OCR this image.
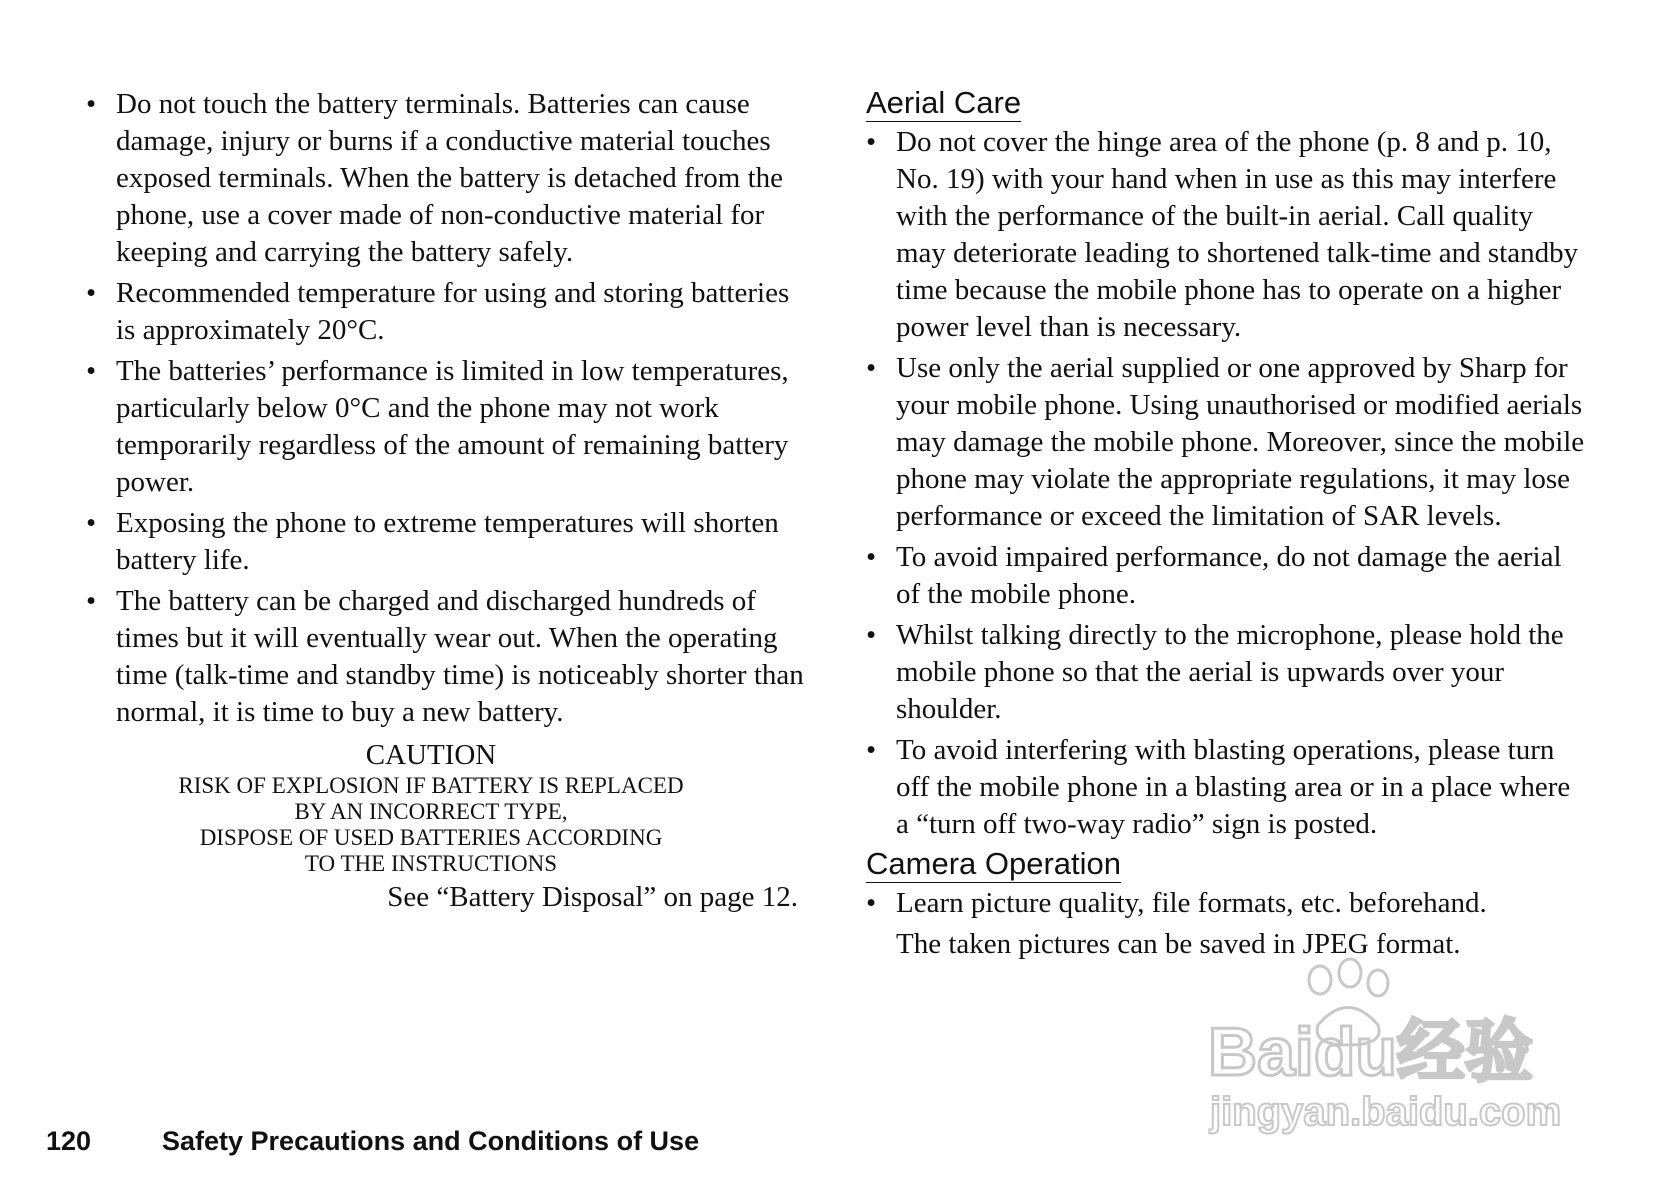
• Do not touch the battery terminals. Batteries can cause damage, injury or burns if a conductive material touches exposed terminals. When the battery is detached from the phone, use a cover made of non-conductive material for keeping and carrying the battery safely.
• Recommended temperature for using and storing batteries is approximately 20°C.
• The batteries’ performance is limited in low temperatures, particularly below 0°C and the phone may not work temporarily regardless of the amount of remaining battery power.
• Exposing the phone to extreme temperatures will shorten battery life.
• The battery can be charged and discharged hundreds of times but it will eventually wear out. When the operating time (talk-time and standby time) is noticeably shorter than normal, it is time to buy a new battery.
CAUTION
RISK OF EXPLOSION IF BATTERY IS REPLACED
BY AN INCORRECT TYPE,
DISPOSE OF USED BATTERIES ACCORDING
TO THE INSTRUCTIONS
See “Battery Disposal” on page 12.
Aerial Care
• Do not cover the hinge area of the phone (p. 8 and p. 10, No. 19) with your hand when in use as this may interfere with the performance of the built-in aerial. Call quality may deteriorate leading to shortened talk-time and standby time because the mobile phone has to operate on a higher power level than is necessary.
• Use only the aerial supplied or one approved by Sharp for your mobile phone. Using unauthorised or modified aerials may damage the mobile phone. Moreover, since the mobile phone may violate the appropriate regulations, it may lose performance or exceed the limitation of SAR levels.
• To avoid impaired performance, do not damage the aerial of the mobile phone.
• Whilst talking directly to the microphone, please hold the mobile phone so that the aerial is upwards over your shoulder.
• To avoid interfering with blasting operations, please turn off the mobile phone in a blasting area or in a place where a “turn off two-way radio” sign is posted.
Camera Operation
• Learn picture quality, file formats, etc. beforehand.
The taken pictures can be saved in JPEG format.
120	Safety Precautions and Conditions of Use
Baidu经验
jingyan.baidu.com
